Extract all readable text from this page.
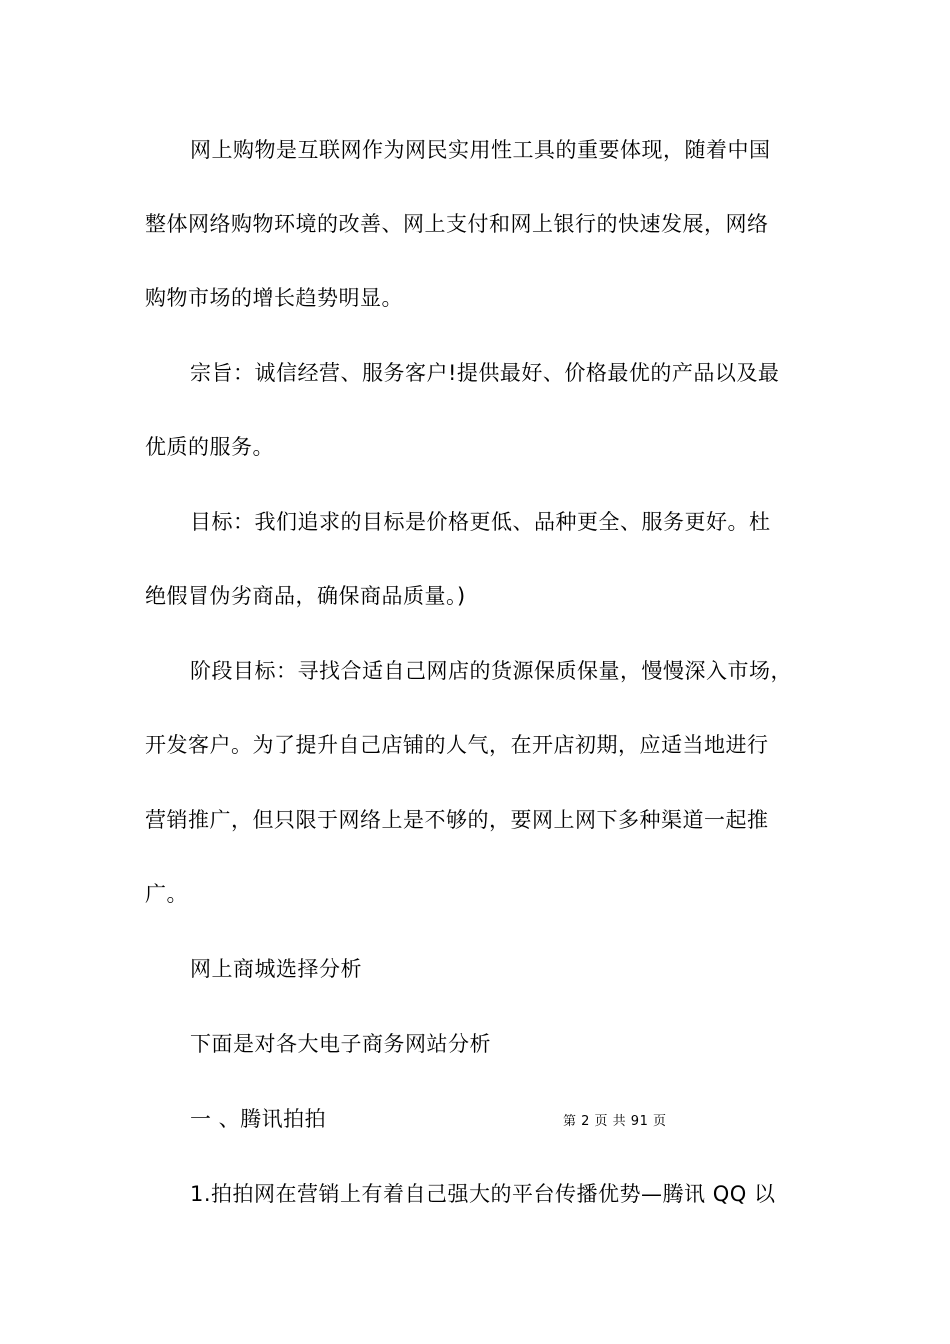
网上购物是互联网作为网民实用性工具的重要体现，随着中国

整体网络购物环境的改善、网上支付和网上银行的快速发展，网络

购物市场的增长趋势明显。

宗旨：诚信经营、服务客户!提供最好、价格最优的产品以及最

优质的服务。

目标：我们追求的目标是价格更低、品种更全、服务更好。杜

绝假冒伪劣商品，确保商品质量。)

阶段目标：寻找合适自己网店的货源保质保量，慢慢深入市场，

开发客户。为了提升自己店铺的人气，在开店初期，应适当地进行

营销推广，但只限于网络上是不够的，要网上网下多种渠道一起推

广。

网上商城选择分析

下面是对各大电子商务网站分析

一 、腾讯拍拍	第 2 页 共 91 页

1.拍拍网在营销上有着自己强大的平台传播优势—腾讯 QQ 以
